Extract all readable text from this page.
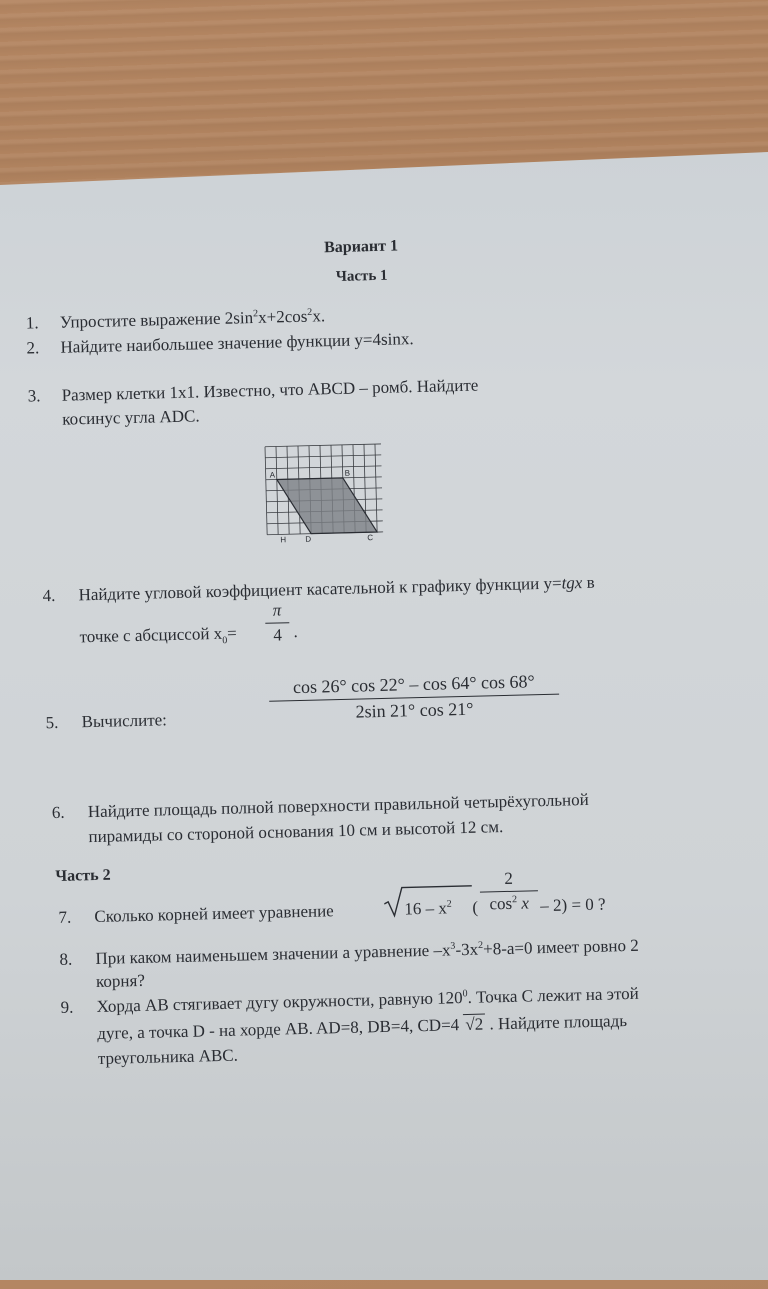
Вариант 1
Часть 1
1. Упростите выражение $2\sin^2x+2\cos^2x$.
2. Найдите наибольшее значение функции y=4sinx.
3. Размер клетки 1x1. Известно, что ABCD – ромб. Найдите
косинус угла ADC.
A	B
H D	C
4. Найдите угловой коэффициент касательной к графику функции y=tgx в
точке с абсциссой $x_0=$
π
4 .
5. Вычислите:
cos 26° cos 22° – cos 64° cos 68°
2sin 21° cos 21°
6. Найдите площадь полной поверхности правильной четырёхугольной
пирамиды со стороной основания 10 см и высотой 12 см.
Часть 2
7. Сколько корней имеет уравнение	$16 - x^2$ (
2
$\cos^2 x - 2) = 0$ ?
8. При каком наименьшем значении а уравнение $-x^3-3x^2+8-a=0$ имеет ровно 2
корня?
9. Хорда AB стягивает дугу окружности, равную $120^0$. Точка С лежит на этой
дуге, а точка D - на хорде AB. AD=8, DB=4, CD=4 √2 . Найдите площадь
треугольника ABC.
